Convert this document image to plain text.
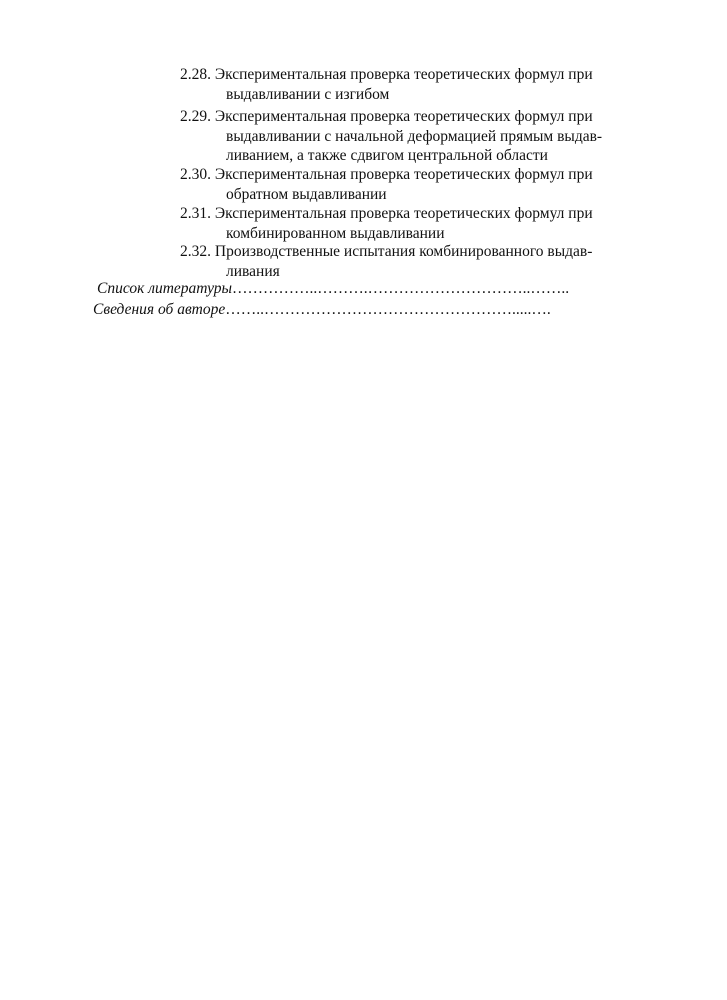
2.28. Экспериментальная проверка теоретических формул при
выдавливании с изгибом
2.29. Экспериментальная проверка теоретических формул при
выдавливании с начальной деформацией прямым выдав-
ливанием, а также сдвигом центральной области
2.30. Экспериментальная проверка теоретических формул при
обратном выдавливании
2.31. Экспериментальная проверка теоретических формул при
комбинированном выдавливании
2.32. Производственные испытания комбинированного выдав-
ливания
Список литературы……………..……….…………………………..……..
Сведения об авторе……..………………………………………….....….
